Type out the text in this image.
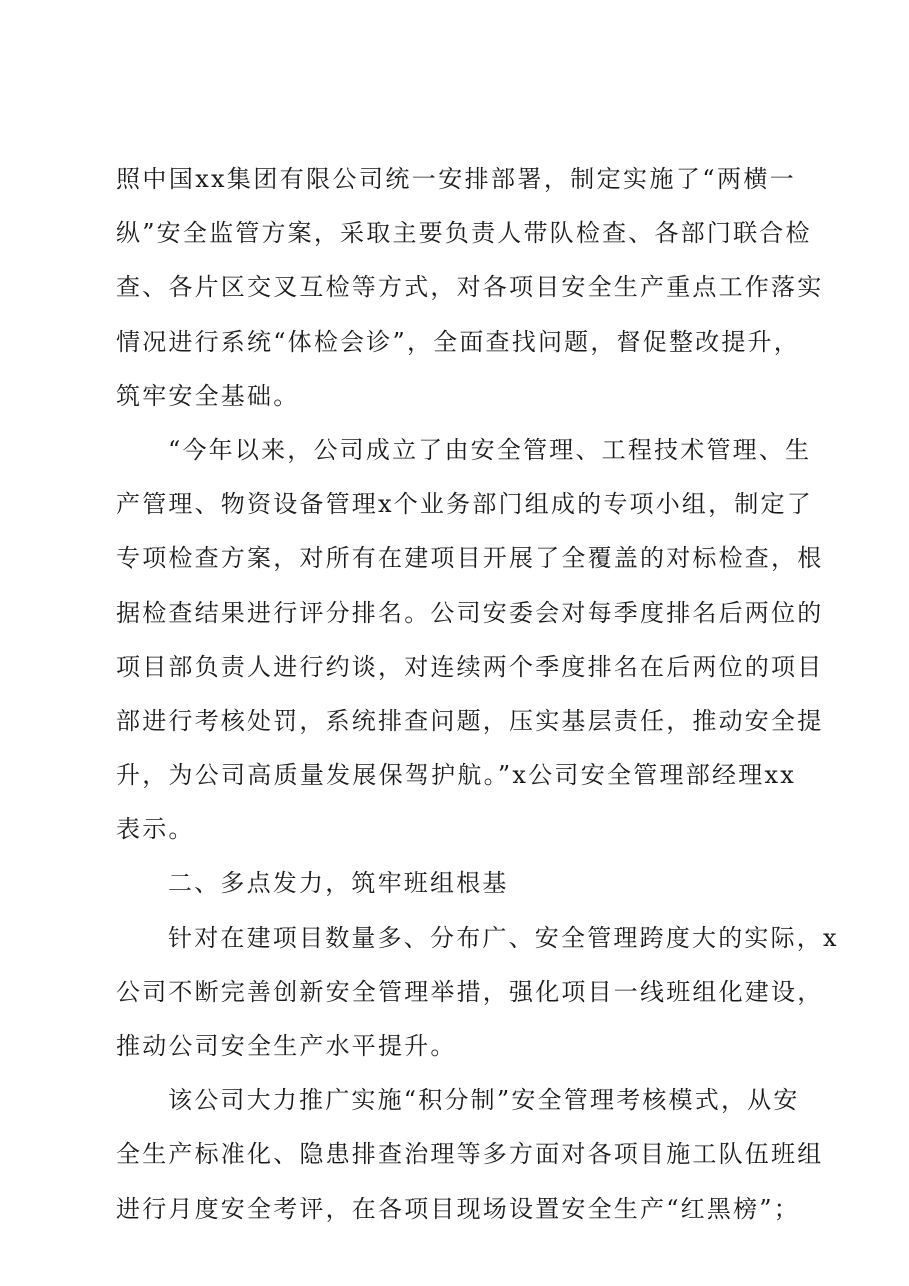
照中国xx集团有限公司统一安排部署，制定实施了“两横一
纵”安全监管方案，采取主要负责人带队检查、各部门联合检
查、各片区交叉互检等方式，对各项目安全生产重点工作落实
情况进行系统“体检会诊”，全面查找问题，督促整改提升，
筑牢安全基础。
“今年以来，公司成立了由安全管理、工程技术管理、生
产管理、物资设备管理x个业务部门组成的专项小组，制定了
专项检查方案，对所有在建项目开展了全覆盖的对标检查，根
据检查结果进行评分排名。公司安委会对每季度排名后两位的
项目部负责人进行约谈，对连续两个季度排名在后两位的项目
部进行考核处罚，系统排查问题，压实基层责任，推动安全提
升，为公司高质量发展保驾护航。”x公司安全管理部经理xx
表示。
二、多点发力，筑牢班组根基
针对在建项目数量多、分布广、安全管理跨度大的实际，x
公司不断完善创新安全管理举措，强化项目一线班组化建设，
推动公司安全生产水平提升。
该公司大力推广实施“积分制”安全管理考核模式，从安
全生产标准化、隐患排查治理等多方面对各项目施工队伍班组
进行月度安全考评，在各项目现场设置安全生产“红黑榜”；
